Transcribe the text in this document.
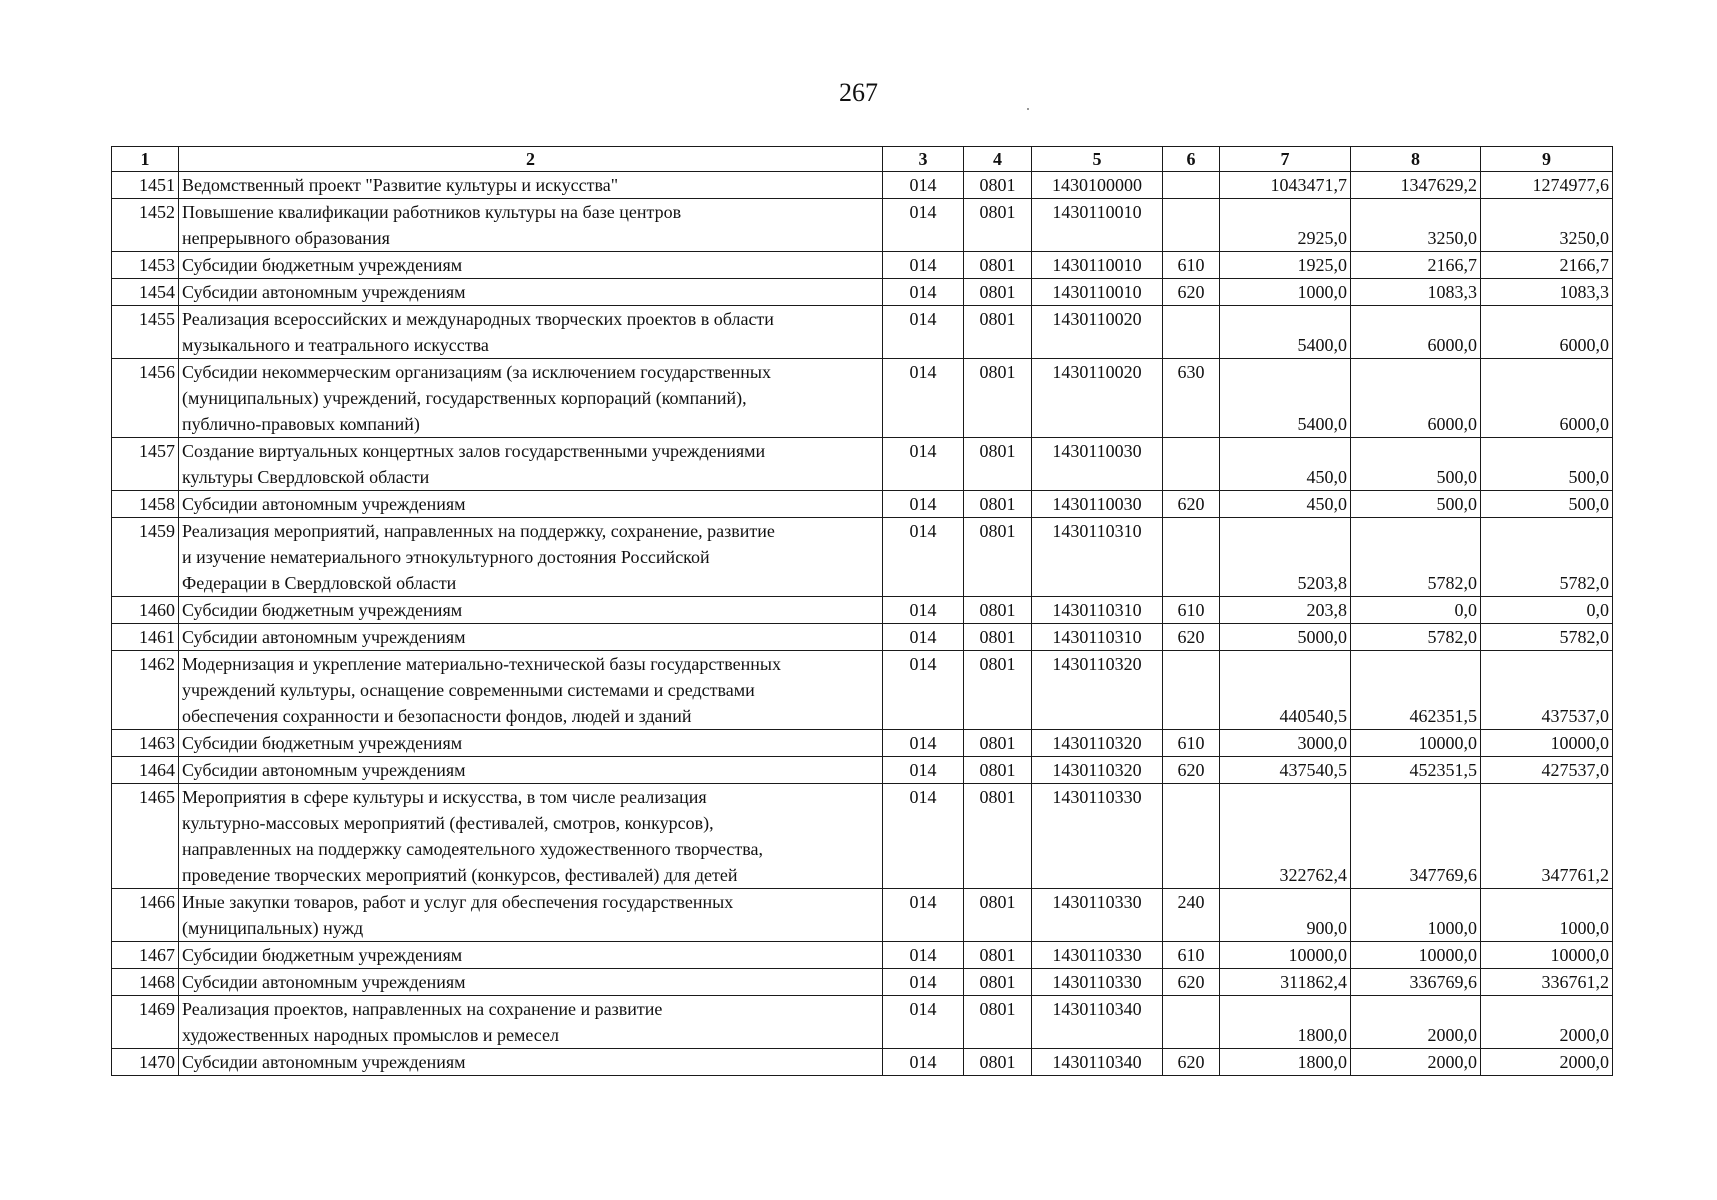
267
1	2	3	4	5	6	7	8	9
1451	Ведомственный проект "Развитие культуры и искусства"	014	0801	1430100000		1043471,7	1347629,2	1274977,6
1452	Повышение квалификации работников культуры на базе центров
непрерывного образования	014	0801	1430110010		2925,0	3250,0	3250,0
1453	Субсидии бюджетным учреждениям	014	0801	1430110010	610	1925,0	2166,7	2166,7
1454	Субсидии автономным учреждениям	014	0801	1430110010	620	1000,0	1083,3	1083,3
1455	Реализация всероссийских и международных творческих проектов в области
музыкального и театрального искусства	014	0801	1430110020		5400,0	6000,0	6000,0
1456	Субсидии некоммерческим организациям (за исключением государственных
(муниципальных) учреждений, государственных корпораций (компаний),
публично-правовых компаний)	014	0801	1430110020	630	5400,0	6000,0	6000,0
1457	Создание виртуальных концертных залов государственными учреждениями
культуры Свердловской области	014	0801	1430110030		450,0	500,0	500,0
1458	Субсидии автономным учреждениям	014	0801	1430110030	620	450,0	500,0	500,0
1459	Реализация мероприятий, направленных на поддержку, сохранение, развитие
и изучение нематериального этнокультурного достояния Российской
Федерации в Свердловской области	014	0801	1430110310		5203,8	5782,0	5782,0
1460	Субсидии бюджетным учреждениям	014	0801	1430110310	610	203,8	0,0	0,0
1461	Субсидии автономным учреждениям	014	0801	1430110310	620	5000,0	5782,0	5782,0
1462	Модернизация и укрепление материально-технической базы государственных
учреждений культуры, оснащение современными системами и средствами
обеспечения сохранности и безопасности фондов, людей и зданий	014	0801	1430110320		440540,5	462351,5	437537,0
1463	Субсидии бюджетным учреждениям	014	0801	1430110320	610	3000,0	10000,0	10000,0
1464	Субсидии автономным учреждениям	014	0801	1430110320	620	437540,5	452351,5	427537,0
1465	Мероприятия в сфере культуры и искусства, в том числе реализация
культурно-массовых мероприятий (фестивалей, смотров, конкурсов),
направленных на поддержку самодеятельного художественного творчества,
проведение творческих мероприятий (конкурсов, фестивалей) для детей	014	0801	1430110330		322762,4	347769,6	347761,2
1466	Иные закупки товаров, работ и услуг для обеспечения государственных
(муниципальных) нужд	014	0801	1430110330	240	900,0	1000,0	1000,0
1467	Субсидии бюджетным учреждениям	014	0801	1430110330	610	10000,0	10000,0	10000,0
1468	Субсидии автономным учреждениям	014	0801	1430110330	620	311862,4	336769,6	336761,2
1469	Реализация проектов, направленных на сохранение и развитие
художественных народных промыслов и ремесел	014	0801	1430110340		1800,0	2000,0	2000,0
1470	Субсидии автономным учреждениям	014	0801	1430110340	620	1800,0	2000,0	2000,0
